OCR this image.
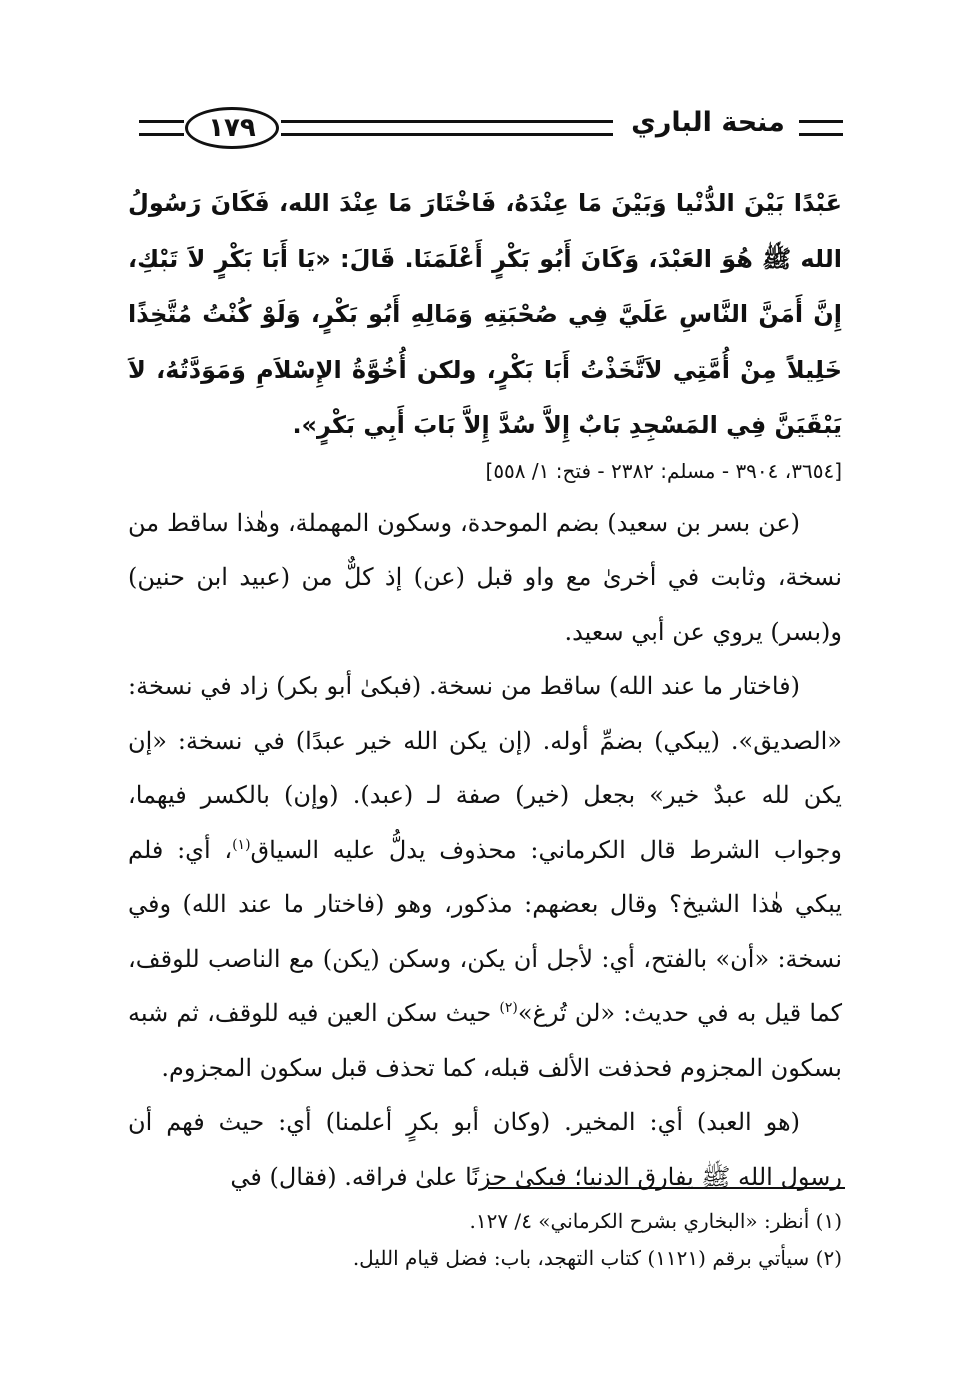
١٧٩	منحة الباري
عَبْدًا بَيْنَ الدُّنْيا وَبَيْنَ مَا عِنْدَهُ، فَاخْتَارَ مَا عِنْدَ الله، فَكَانَ رَسُولُ الله ﷺ هُوَ العَبْدَ، وَكَانَ أَبُو بَكْرٍ أَعْلَمَنَا. قَالَ: «يَا أَبَا بَكْرٍ لاَ تَبْكِ، إِنَّ أَمَنَّ النَّاسِ عَلَيَّ فِي صُحْبَتِهِ وَمَالِهِ أَبُو بَكْرٍ، وَلَوْ كُنْتُ مُتَّخِذًا خَلِيلاً مِنْ أُمَّتِي لاَتَّخَذْتُ أَبَا بَكْرٍ، ولكن أُخُوَّةُ الإِسْلاَمِ وَمَوَدَّتُهُ، لاَ يَبْقَيَنَّ فِي المَسْجِدِ بَابٌ إِلاَّ سُدَّ إِلاَّ بَابَ أَبِي بَكْرٍ».
[٣٦٥٤، ٣٩٠٤ - مسلم: ٢٣٨٢ - فتح: ١/ ٥٥٨]

(عن بسر بن سعيد) بضم الموحدة، وسكون المهملة، وهٰذا ساقط من نسخة، وثابت في أخرىٰ مع واو قبل (عن) إذ كلٌّ من (عبيد ابن حنين) و(بسر) يروي عن أبي سعيد.

(فاختار ما عند الله) ساقط من نسخة. (فبكىٰ أبو بكر) زاد في نسخة: «الصديق». (يبكي) بضمِّ أوله. (إن يكن الله خير عبدًا) في نسخة: «إن يكن لله عبدٌ خير» بجعل (خير) صفة لـ (عبد). (وإن) بالكسر فيهما، وجواب الشرط قال الكرماني: محذوف يدلُّ عليه السياق$^{(١)}$، أي: فلم يبكي هٰذا الشيخ؟ وقال بعضهم: مذكور، وهو (فاختار ما عند الله) وفي نسخة: «أن» بالفتح، أي: لأجل أن يكن، وسكن (يكن) مع الناصب للوقف، كما قيل به في حديث: «لن تُرغ»$^{(٢)}$ حيث سكن العين فيه للوقف، ثم شبه بسكون المجزوم فحذفت الألف قبله، كما تحذف قبل سكون المجزوم.

(هو العبد) أي: المخير. (وكان أبو بكرٍ أعلمنا) أي: حيث فهم أن رسول الله ﷺ يفارق الدنيا؛ فبكىٰ حزنًا علىٰ فراقه. (فقال) في

(١) أنظر: «البخاري بشرح الكرماني» ٤/ ١٢٧.

(٢) سيأتي برقم (١١٢١) كتاب التهجد، باب: فضل قيام الليل.
